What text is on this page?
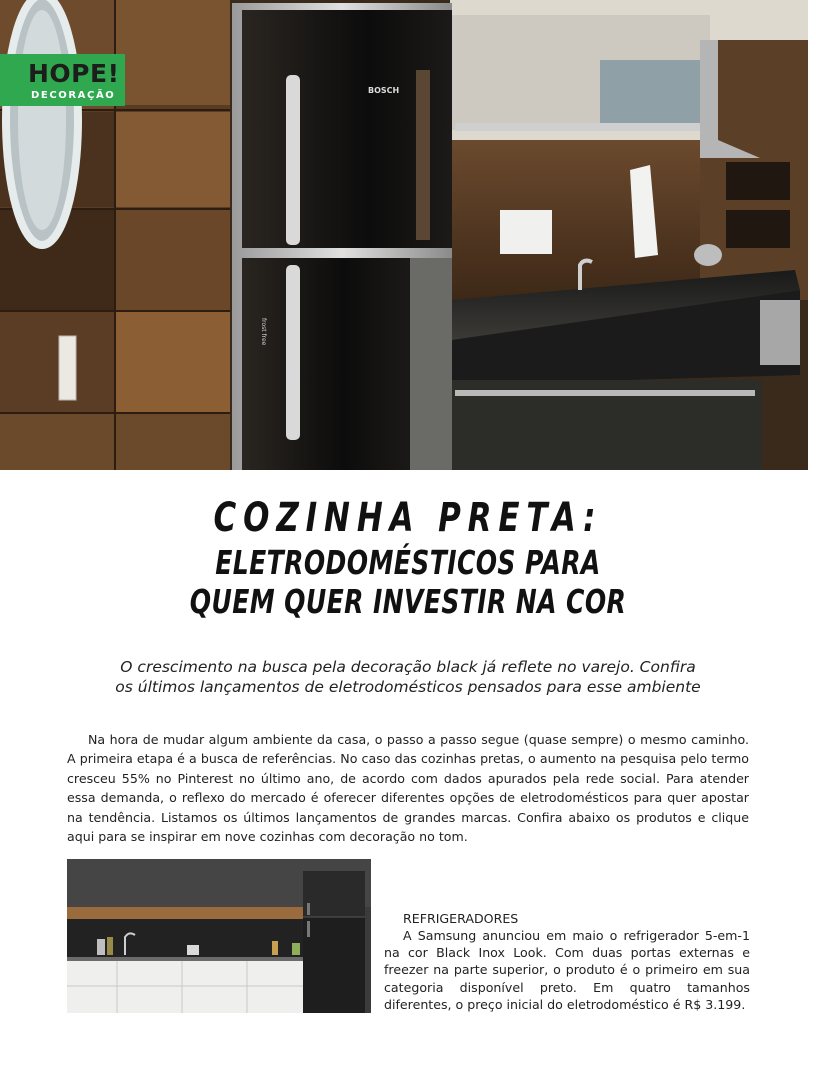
BOSCH
frost free
HOPE!
DECORAÇÃO
COZINHA PRETA:
ELETRODOMÉSTICOS PARA
QUEM QUER INVESTIR NA COR
O crescimento na busca pela decoração black já reflete no varejo. Confira
os últimos lançamentos de eletrodomésticos pensados para esse ambiente

Na hora de mudar algum ambiente da casa, o passo a passo segue (quase sempre) o mesmo caminho. A primeira etapa é a busca de referências. No caso das cozinhas pretas, o aumento na pesquisa pelo termo cresceu 55% no Pinterest no último ano, de acordo com dados apurados pela rede social. Para atender essa demanda, o reflexo do mercado é oferecer diferentes opções de eletrodomésticos para quer apostar na tendência. Listamos os últimos lançamentos de grandes marcas. Confira abaixo os produtos e clique aqui para se inspirar em nove cozinhas com decoração no tom.

REFRIGERADORES

A Samsung anunciou em maio o refrigerador 5-em-1 na cor Black Inox Look. Com duas portas externas e freezer na parte superior, o produto é o primeiro em sua categoria disponível preto. Em quatro tamanhos diferentes, o preço inicial do eletrodoméstico é R$ 3.199.
